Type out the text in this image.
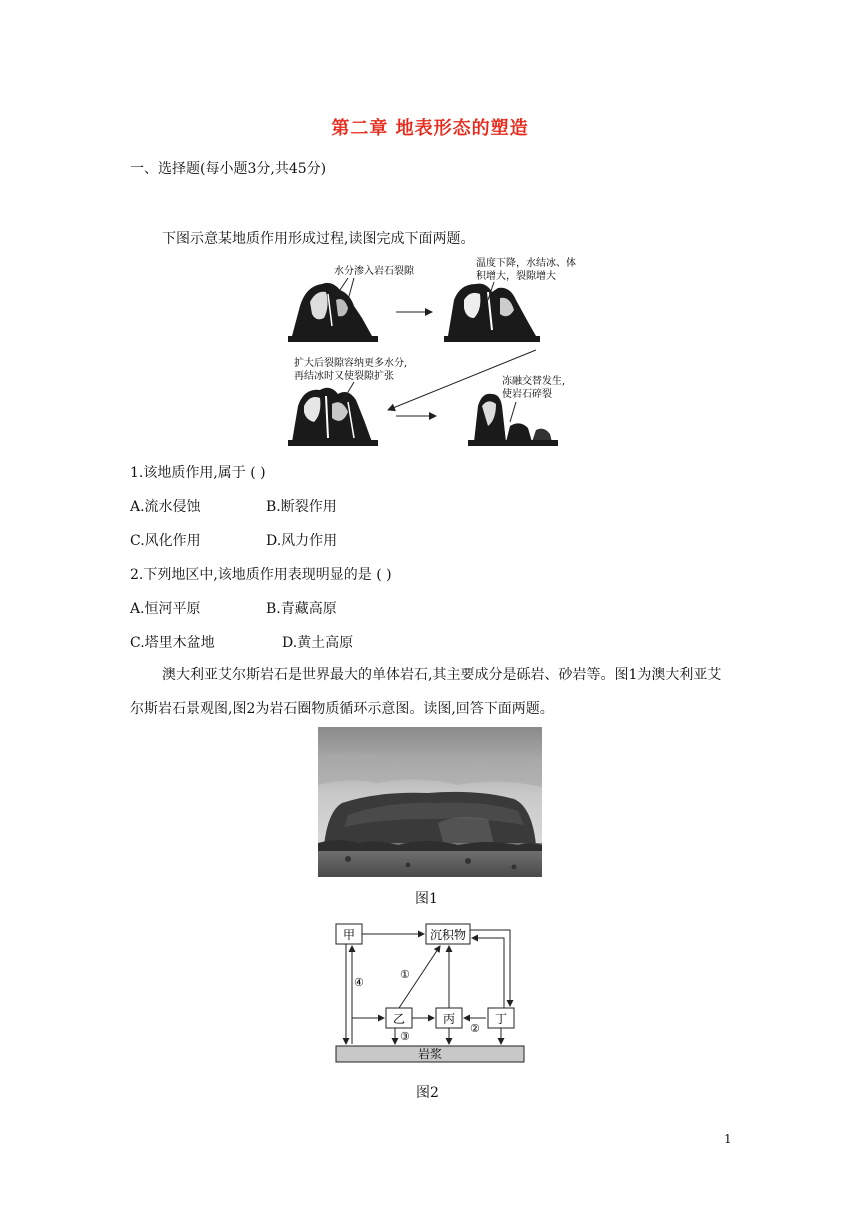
第二章 地表形态的塑造
一、选择题(每小题3分,共45分)
下图示意某地质作用形成过程,读图完成下面两题。
水分渗入岩石裂隙
温度下降，水结冰、体
积增大，裂隙增大
扩大后裂隙容纳更多水分,
再结冰时又使裂隙扩张	冻融交替发生,
使岩石碎裂
1.该地质作用,属于 ( )
A.流水侵蚀	B.断裂作用
C.风化作用	D.风力作用
2.下列地区中,该地质作用表现明显的是 ( )
A.恒河平原	B.青藏高原
C.塔里木盆地	D.黄土高原
澳大利亚艾尔斯岩石是世界最大的单体岩石,其主要成分是砾岩、砂岩等。图1为澳大利亚艾尔斯岩石景观图,图2为岩石圈物质循环示意图。读图,回答下面两题。
图1
甲	沉积物
乙	丙	丁
岩浆
①
②
③
④
图2
1
